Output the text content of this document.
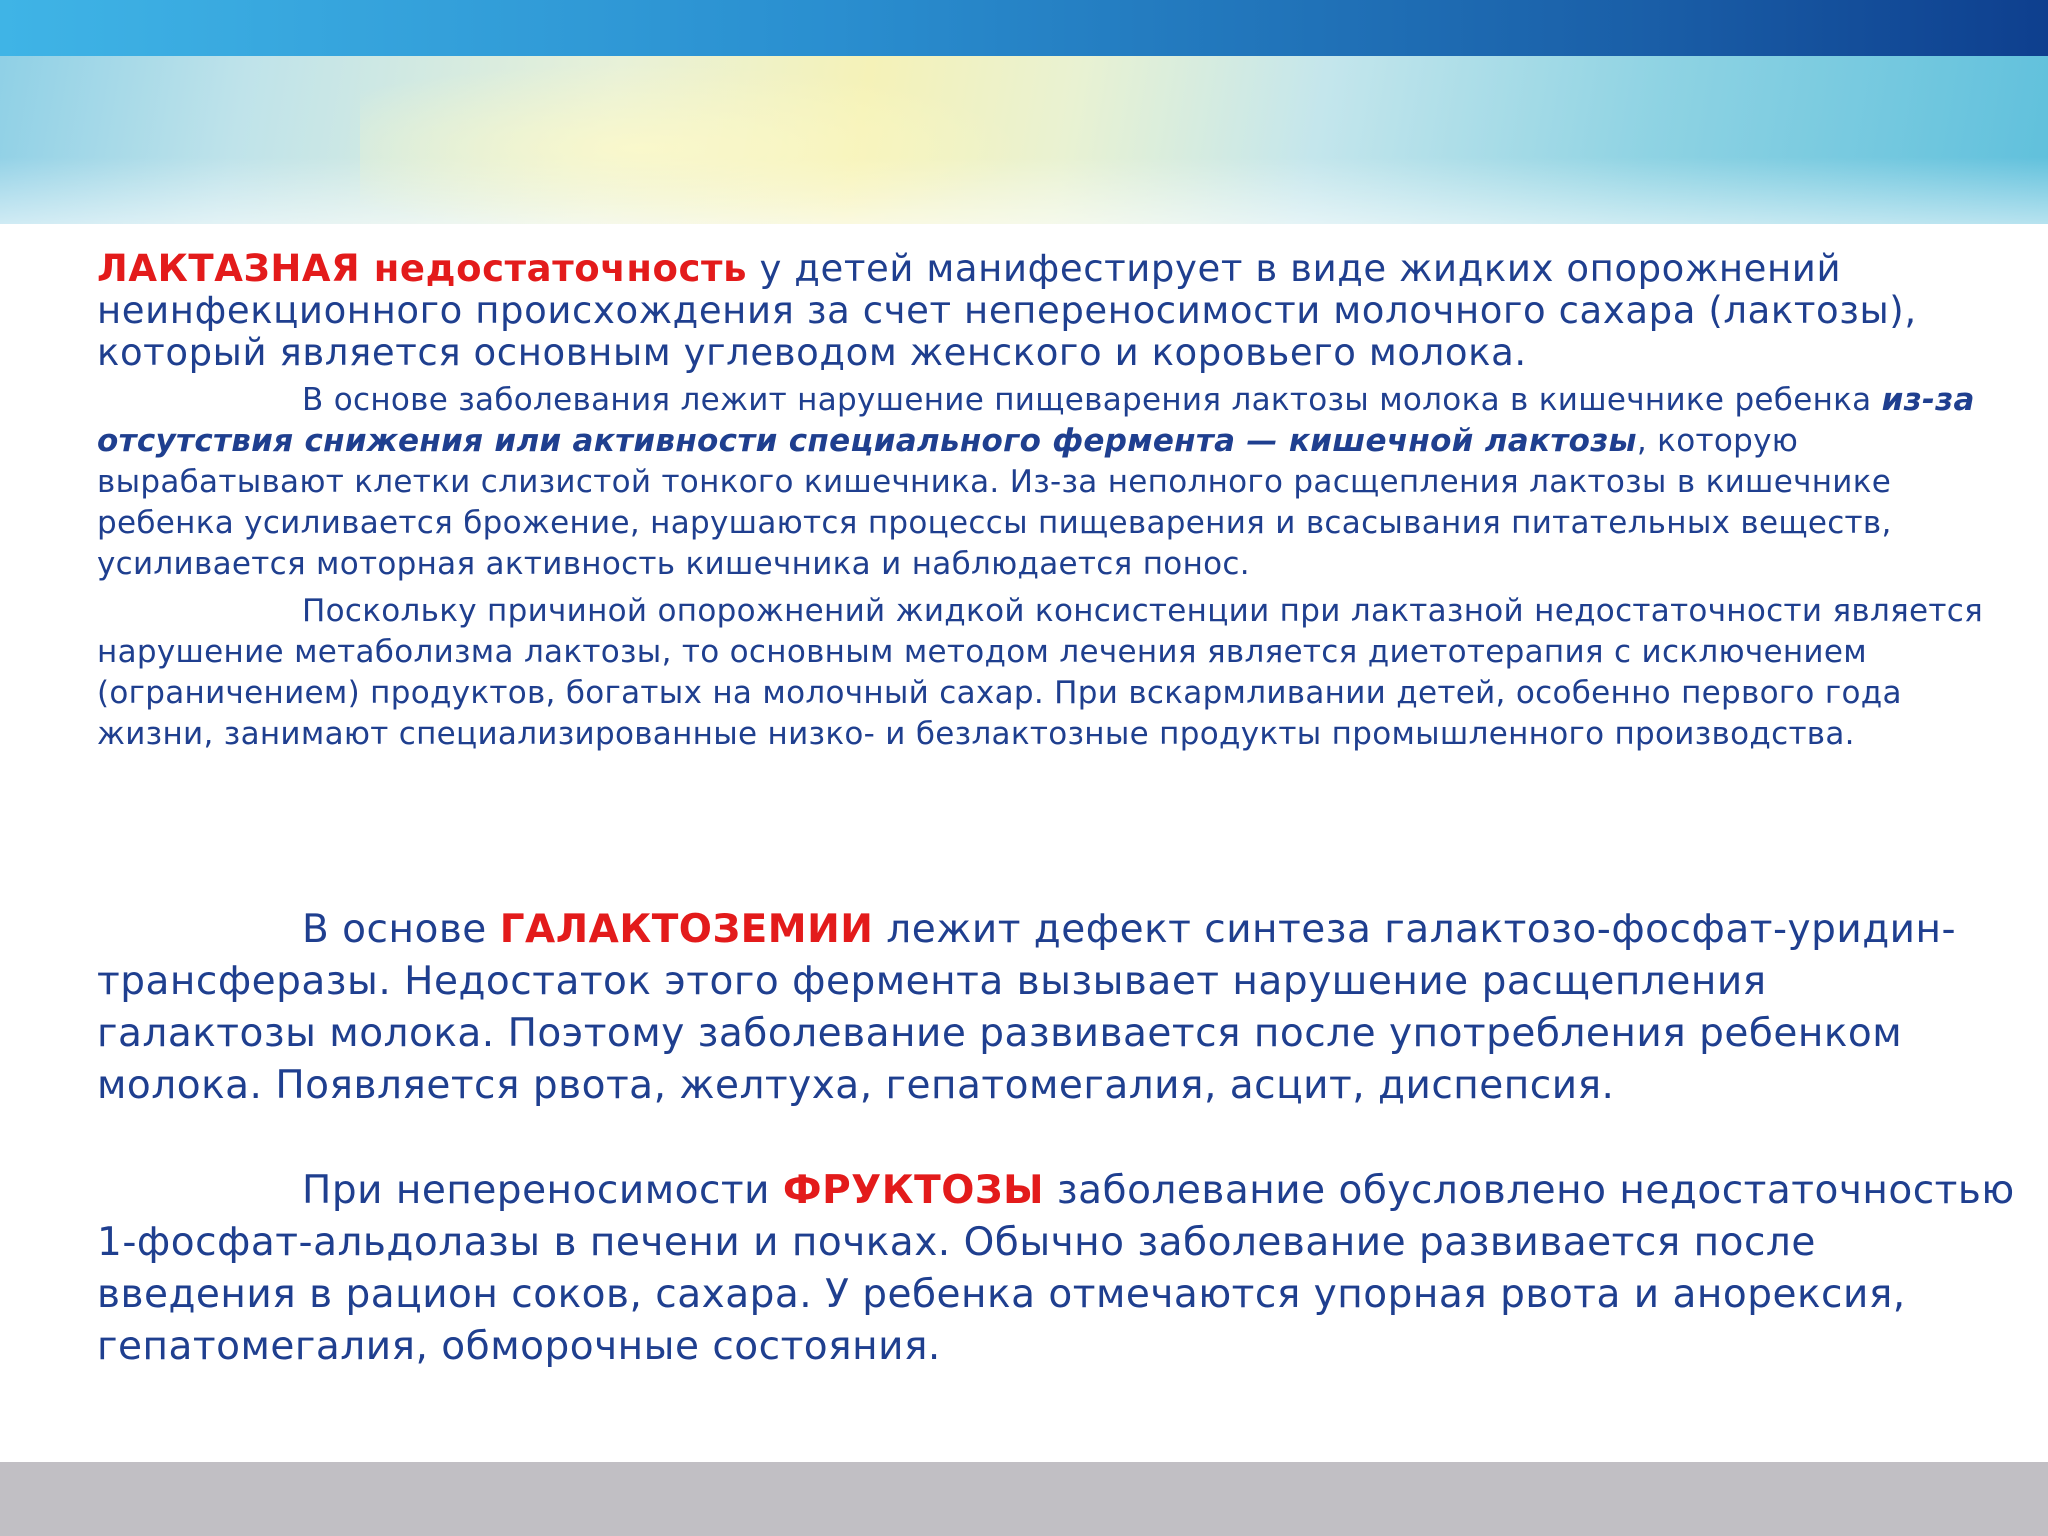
ЛАКТАЗНАЯ недостаточность у детей манифестирует в виде жидких опорожнений неинфекционного происхождения за счет непереносимости молочного сахара (лактозы), который является основным углеводом женского и коровьего молока.

В основе заболевания лежит нарушение пищеварения лактозы молока в кишечнике ребенка из-за отсутствия снижения или активности специального фермента — кишечной лактозы, которую вырабатывают клетки слизистой тонкого кишечника. Из-за неполного расщепления лактозы в кишечнике ребенка усиливается брожение, нарушаются процессы пищеварения и всасывания питательных веществ, усиливается моторная активность кишечника и наблюдается понос.

Поскольку причиной опорожнений жидкой консистенции при лактазной недостаточности является нарушение метаболизма лактозы, то основным методом лечения является диетотерапия с исключением (ограничением) продуктов, богатых на молочный сахар. При вскармливании детей, особенно первого года жизни, занимают специализированные низко- и безлактозные продукты промышленного производства.

В основе ГАЛАКТОЗЕМИИ лежит дефект синтеза галактозо-фосфат-уридин-трансферазы. Недостаток этого фермента вызывает нарушение расщепления галактозы молока. Поэтому заболевание развивается после употребления ребенком молока. Появляется рвота, желтуха, гепатомегалия, асцит, диспепсия.

При непереносимости ФРУКТОЗЫ заболевание обусловлено недостаточностью 1-фосфат-альдолазы в печени и почках. Обычно заболевание развивается после введения в рацион соков, сахара. У ребенка отмечаются упорная рвота и анорексия, гепатомегалия, обморочные состояния.
